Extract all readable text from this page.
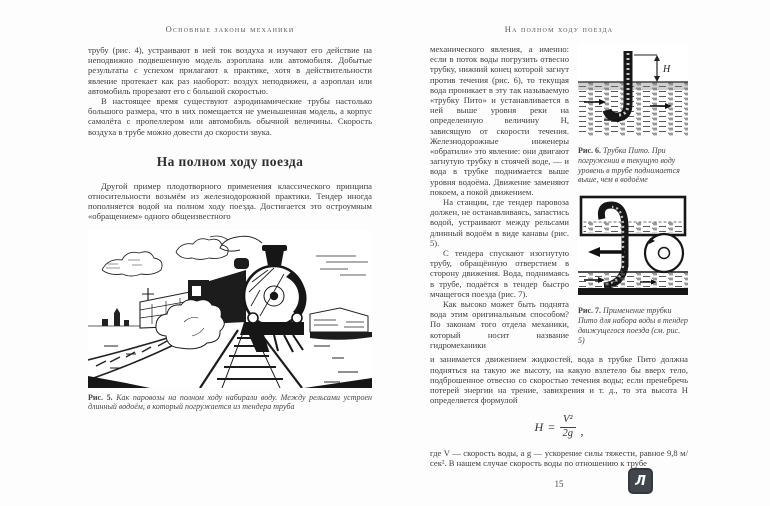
Основные законы механики

трубу (рис. 4), устраивают в ней ток воздуха и изучают его действие на неподвижно подвешенную модель аэроплана или автомобиля. Добытые результаты с успехом прилагают к практике, хотя в действительности явление протекает как раз наоборот: воздух неподвижен, а аэроплан или автомобиль прорезают его с большой скоростью.

В настоящее время существуют аэродинамические трубы настолько большого размера, что в них помещается не уменьшенная модель, а корпус самолёта с пропеллером или автомобиль обычной величины. Скорость воздуха в трубе можно довести до скорости звука.

На полном ходу поезда

Другой пример плодотворного применения классического принципа относительности возьмём из железнодорожной практики. Тендер иногда пополняется водой на полном ходу поезда. Достигается это остроумным «обращением» одного общеизвестного

Рис. 5. Как паровозы на полном ходу набирали воду. Между рельсами устроен длинный водоём, в который погружается из тендера труба
На полном ходу поезда

механического явления, а именно: если в поток воды погрузить отвесно трубку, нижний конец которой загнут против течения (рис. 6), то текущая вода проникает в эту так называемую «трубку Пито» и устанавливается в ней выше уровня реки на определенную величину H, зависящую от скорости течения. Железнодорожные инженеры «обратили» это явление: они двигают загнутую трубку в стоячей воде, — и вода в трубке поднимается выше уровня водоёма. Движение заменяют покоем, а покой движением.

На станции, где тендер паровоза должен, не останавливаясь, запастись водой, устраивают между рельсами длинный водоём в виде канавы (рис. 5).

С тендера спускают изогнутую трубу, обращённую отверстием в сторону движения. Вода, поднимаясь в трубе, подаётся в тендер быстро мчащегося поезда (рис. 7).

Как высоко может быть поднята вода этим оригинальным способом? По законам того отдела механики, который носит название гидромеханики

H
Рис. 6. Трубка Пито. При погружении в текущую воду уровень в трубе поднимается выше, чем в водоёме
Рис. 7. Применение трубки Пито для набора воды в тендер движущегося поезда (см. рис. 5)

и занимается движением жидкостей, вода в трубке Пито должна подняться на такую же высоту, на какую взлетело бы вверх тело, подброшенное отвесно со скоростью течения воды; если пренебречь потерей энергии на трение, завихрения и т. д., то эта высота H определяется формулой

$H = \frac{\text{V²}}{2g}$ ,

где V — скорость воды, а g — ускорение силы тяжести, равное 9,8 м/сек². В нашем случае скорость воды по отношению к трубе

15	Л
